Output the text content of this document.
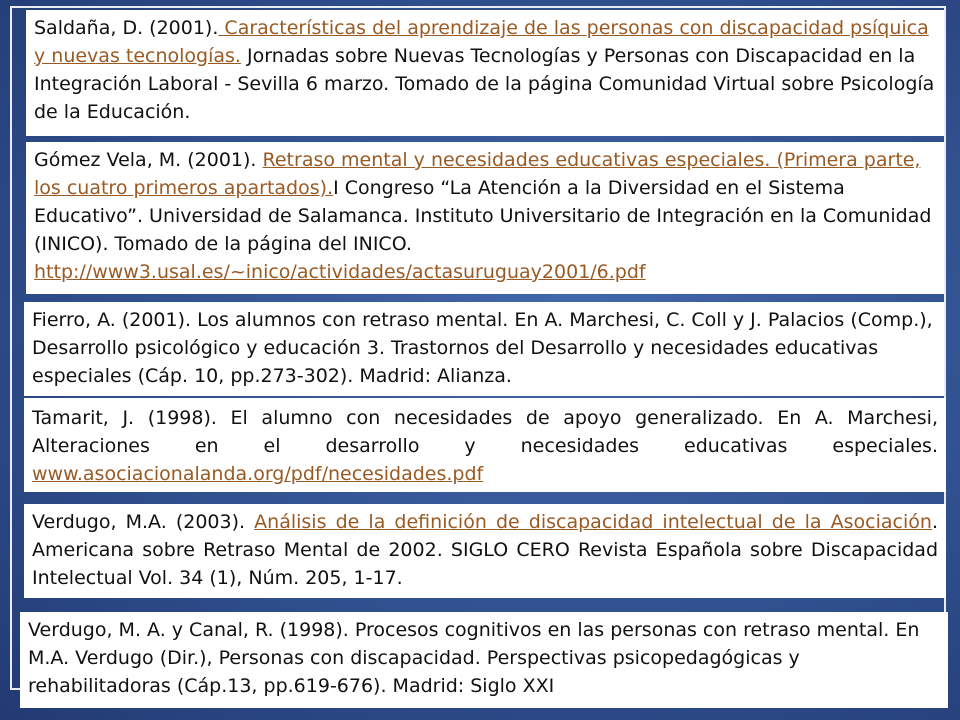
Saldaña, D. (2001). Características del aprendizaje de las personas con discapacidad psíquica y nuevas tecnologías. Jornadas sobre Nuevas Tecnologías y Personas con Discapacidad en la Integración Laboral - Sevilla 6 marzo. Tomado de la página Comunidad Virtual sobre Psicología de la Educación.
Gómez Vela, M. (2001). Retraso mental y necesidades educativas especiales. (Primera parte, los cuatro primeros apartados).I Congreso “La Atención a la Diversidad en el Sistema Educativo”. Universidad de Salamanca. Instituto Universitario de Integración en la Comunidad (INICO). Tomado de la página del INICO. http://www3.usal.es/~inico/actividades/actasuruguay2001/6.pdf
Fierro, A. (2001). Los alumnos con retraso mental. En A. Marchesi, C. Coll y J. Palacios (Comp.), Desarrollo psicológico y educación 3. Trastornos del Desarrollo y necesidades educativas especiales (Cáp. 10, pp.273-302). Madrid: Alianza.
Tamarit, J. (1998). El alumno con necesidades de apoyo generalizado. En A. Marchesi, Alteraciones en el desarrollo y necesidades educativas especiales. www.asociacionalanda.org/pdf/necesidades.pdf
Verdugo, M.A. (2003). Análisis de la definición de discapacidad intelectual de la Asociación. Americana sobre Retraso Mental de 2002. SIGLO CERO Revista Española sobre Discapacidad Intelectual Vol. 34 (1), Núm. 205, 1-17.
Verdugo, M. A. y Canal, R. (1998). Procesos cognitivos en las personas con retraso mental. En M.A. Verdugo (Dir.), Personas con discapacidad. Perspectivas psicopedagógicas y rehabilitadoras (Cáp.13, pp.619-676). Madrid: Siglo XXI
